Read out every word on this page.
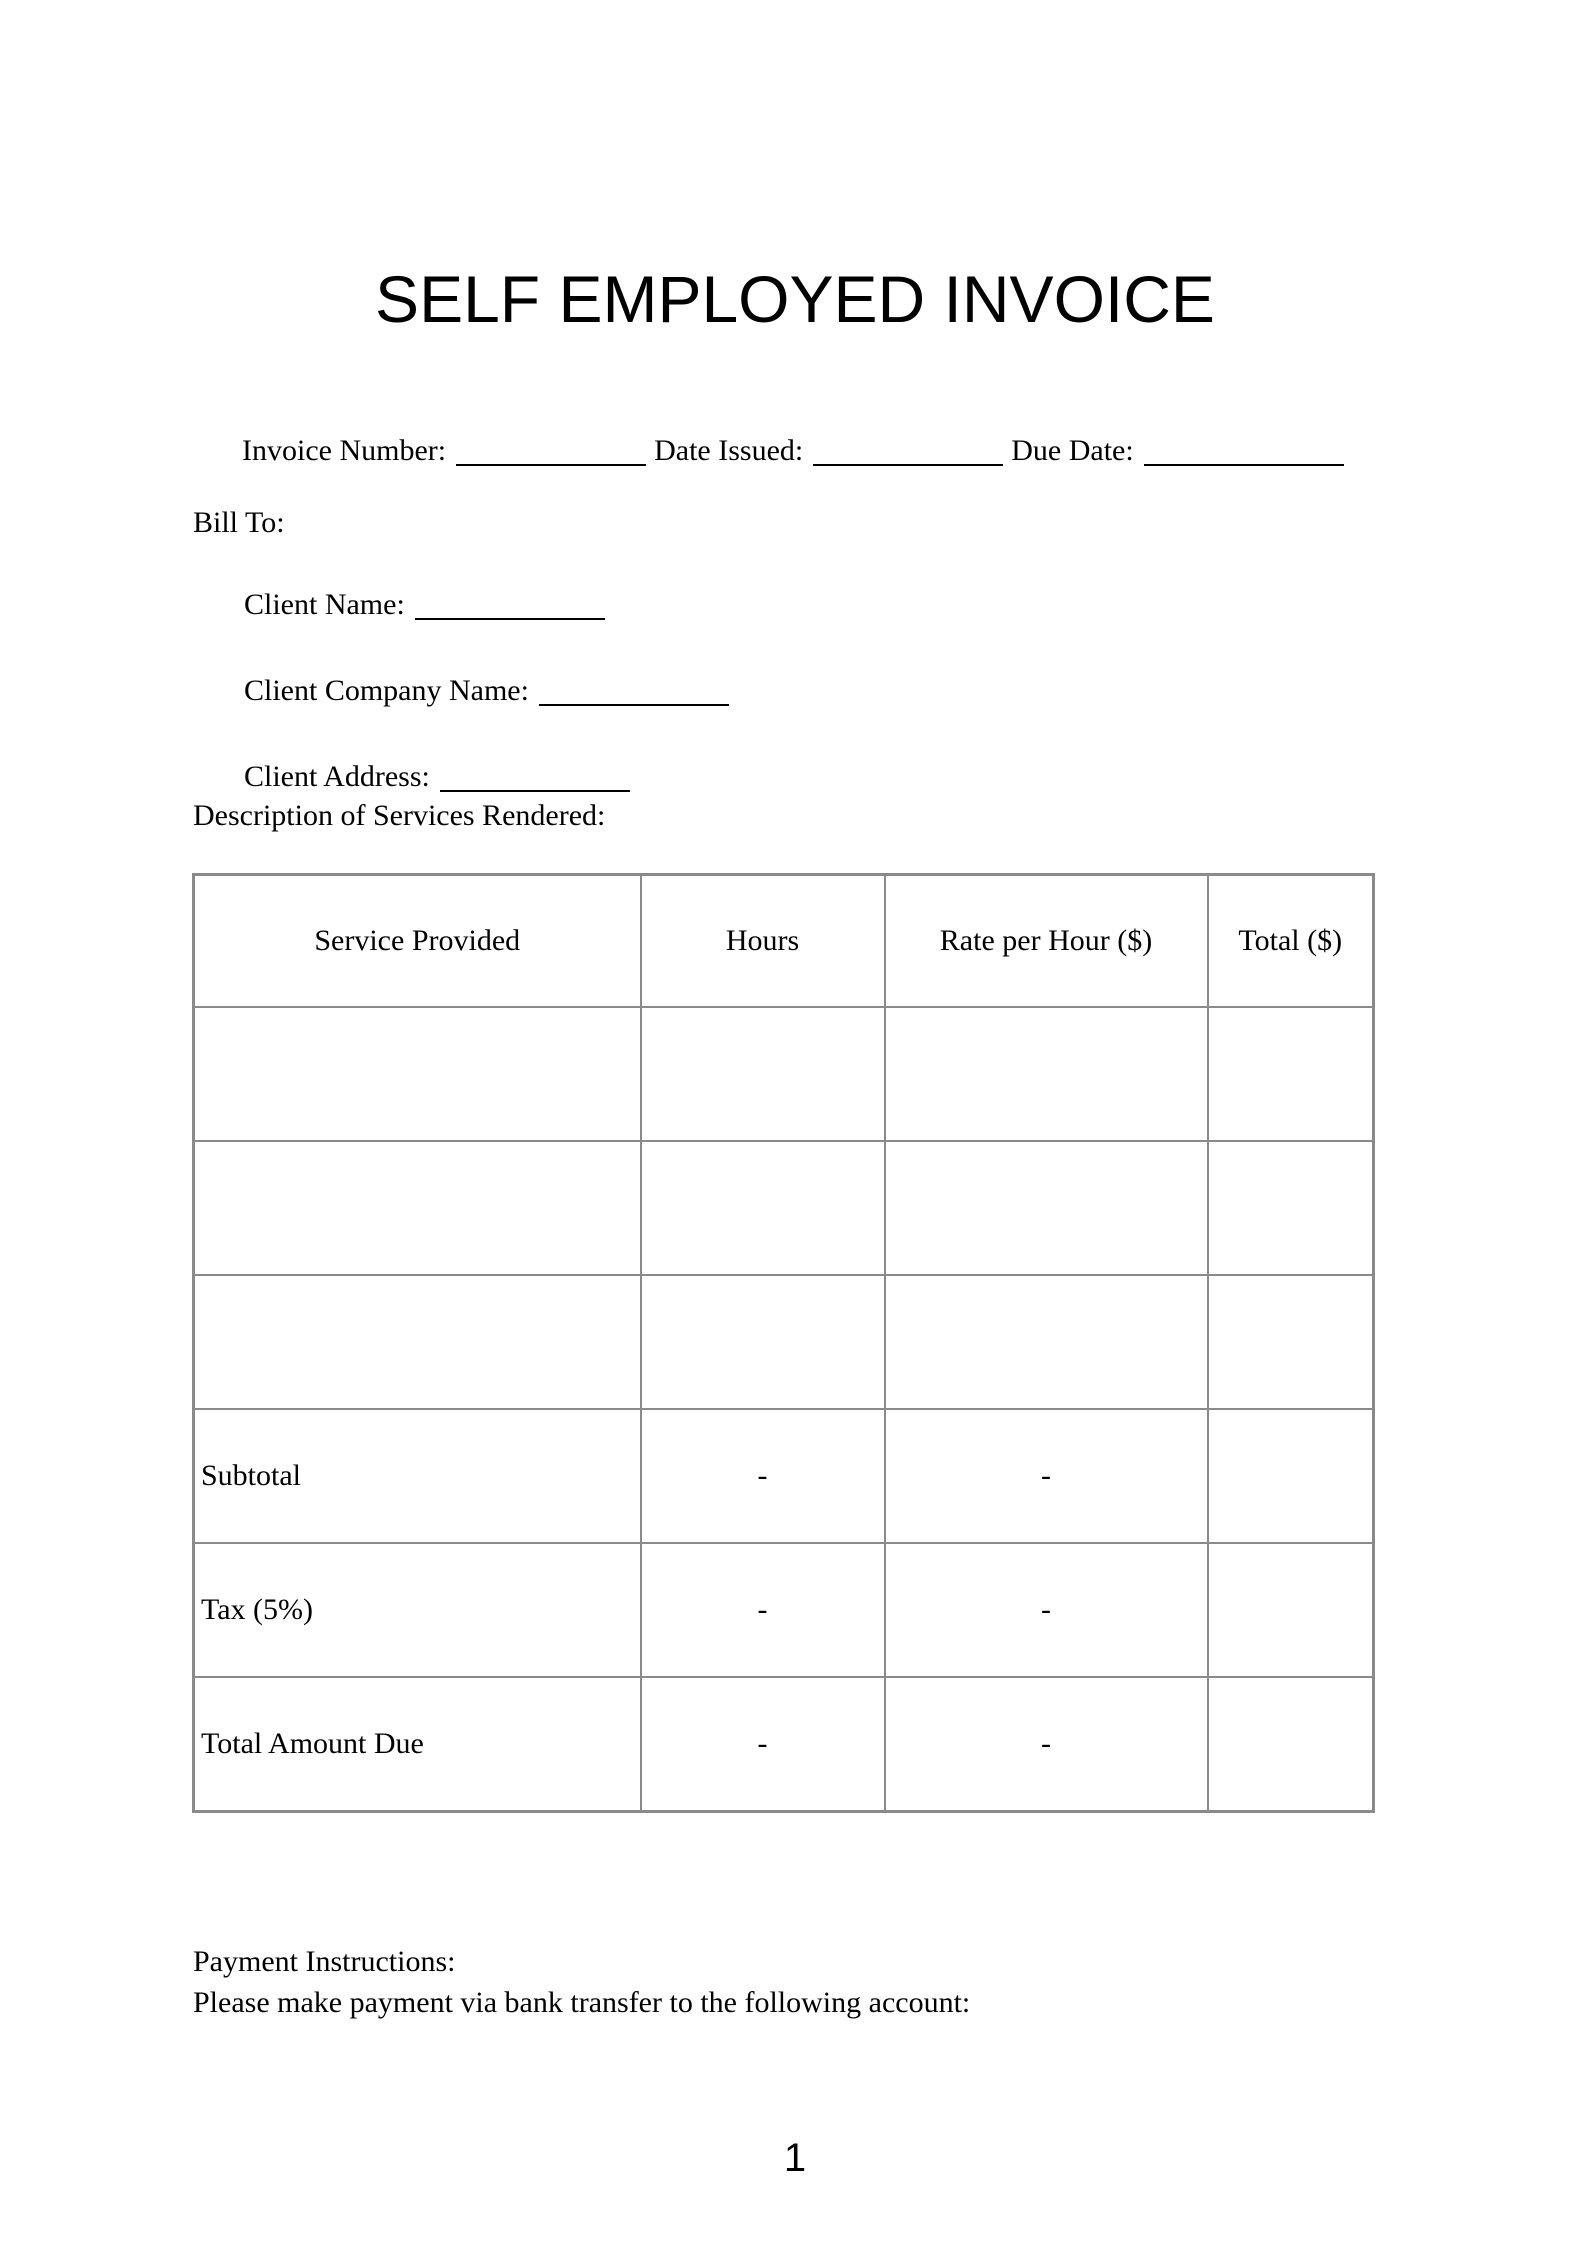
SELF EMPLOYED INVOICE
Invoice Number:	Date Issued:	Due Date:
Bill To:
Client Name:
Client Company Name:
Client Address:
Description of Services Rendered:
Service Provided	Hours	Rate per Hour ($)	Total ($)

Subtotal	-	-	
Tax (5%)	-	-	
Total Amount Due	-	-	
Payment Instructions:
Please make payment via bank transfer to the following account:
1
